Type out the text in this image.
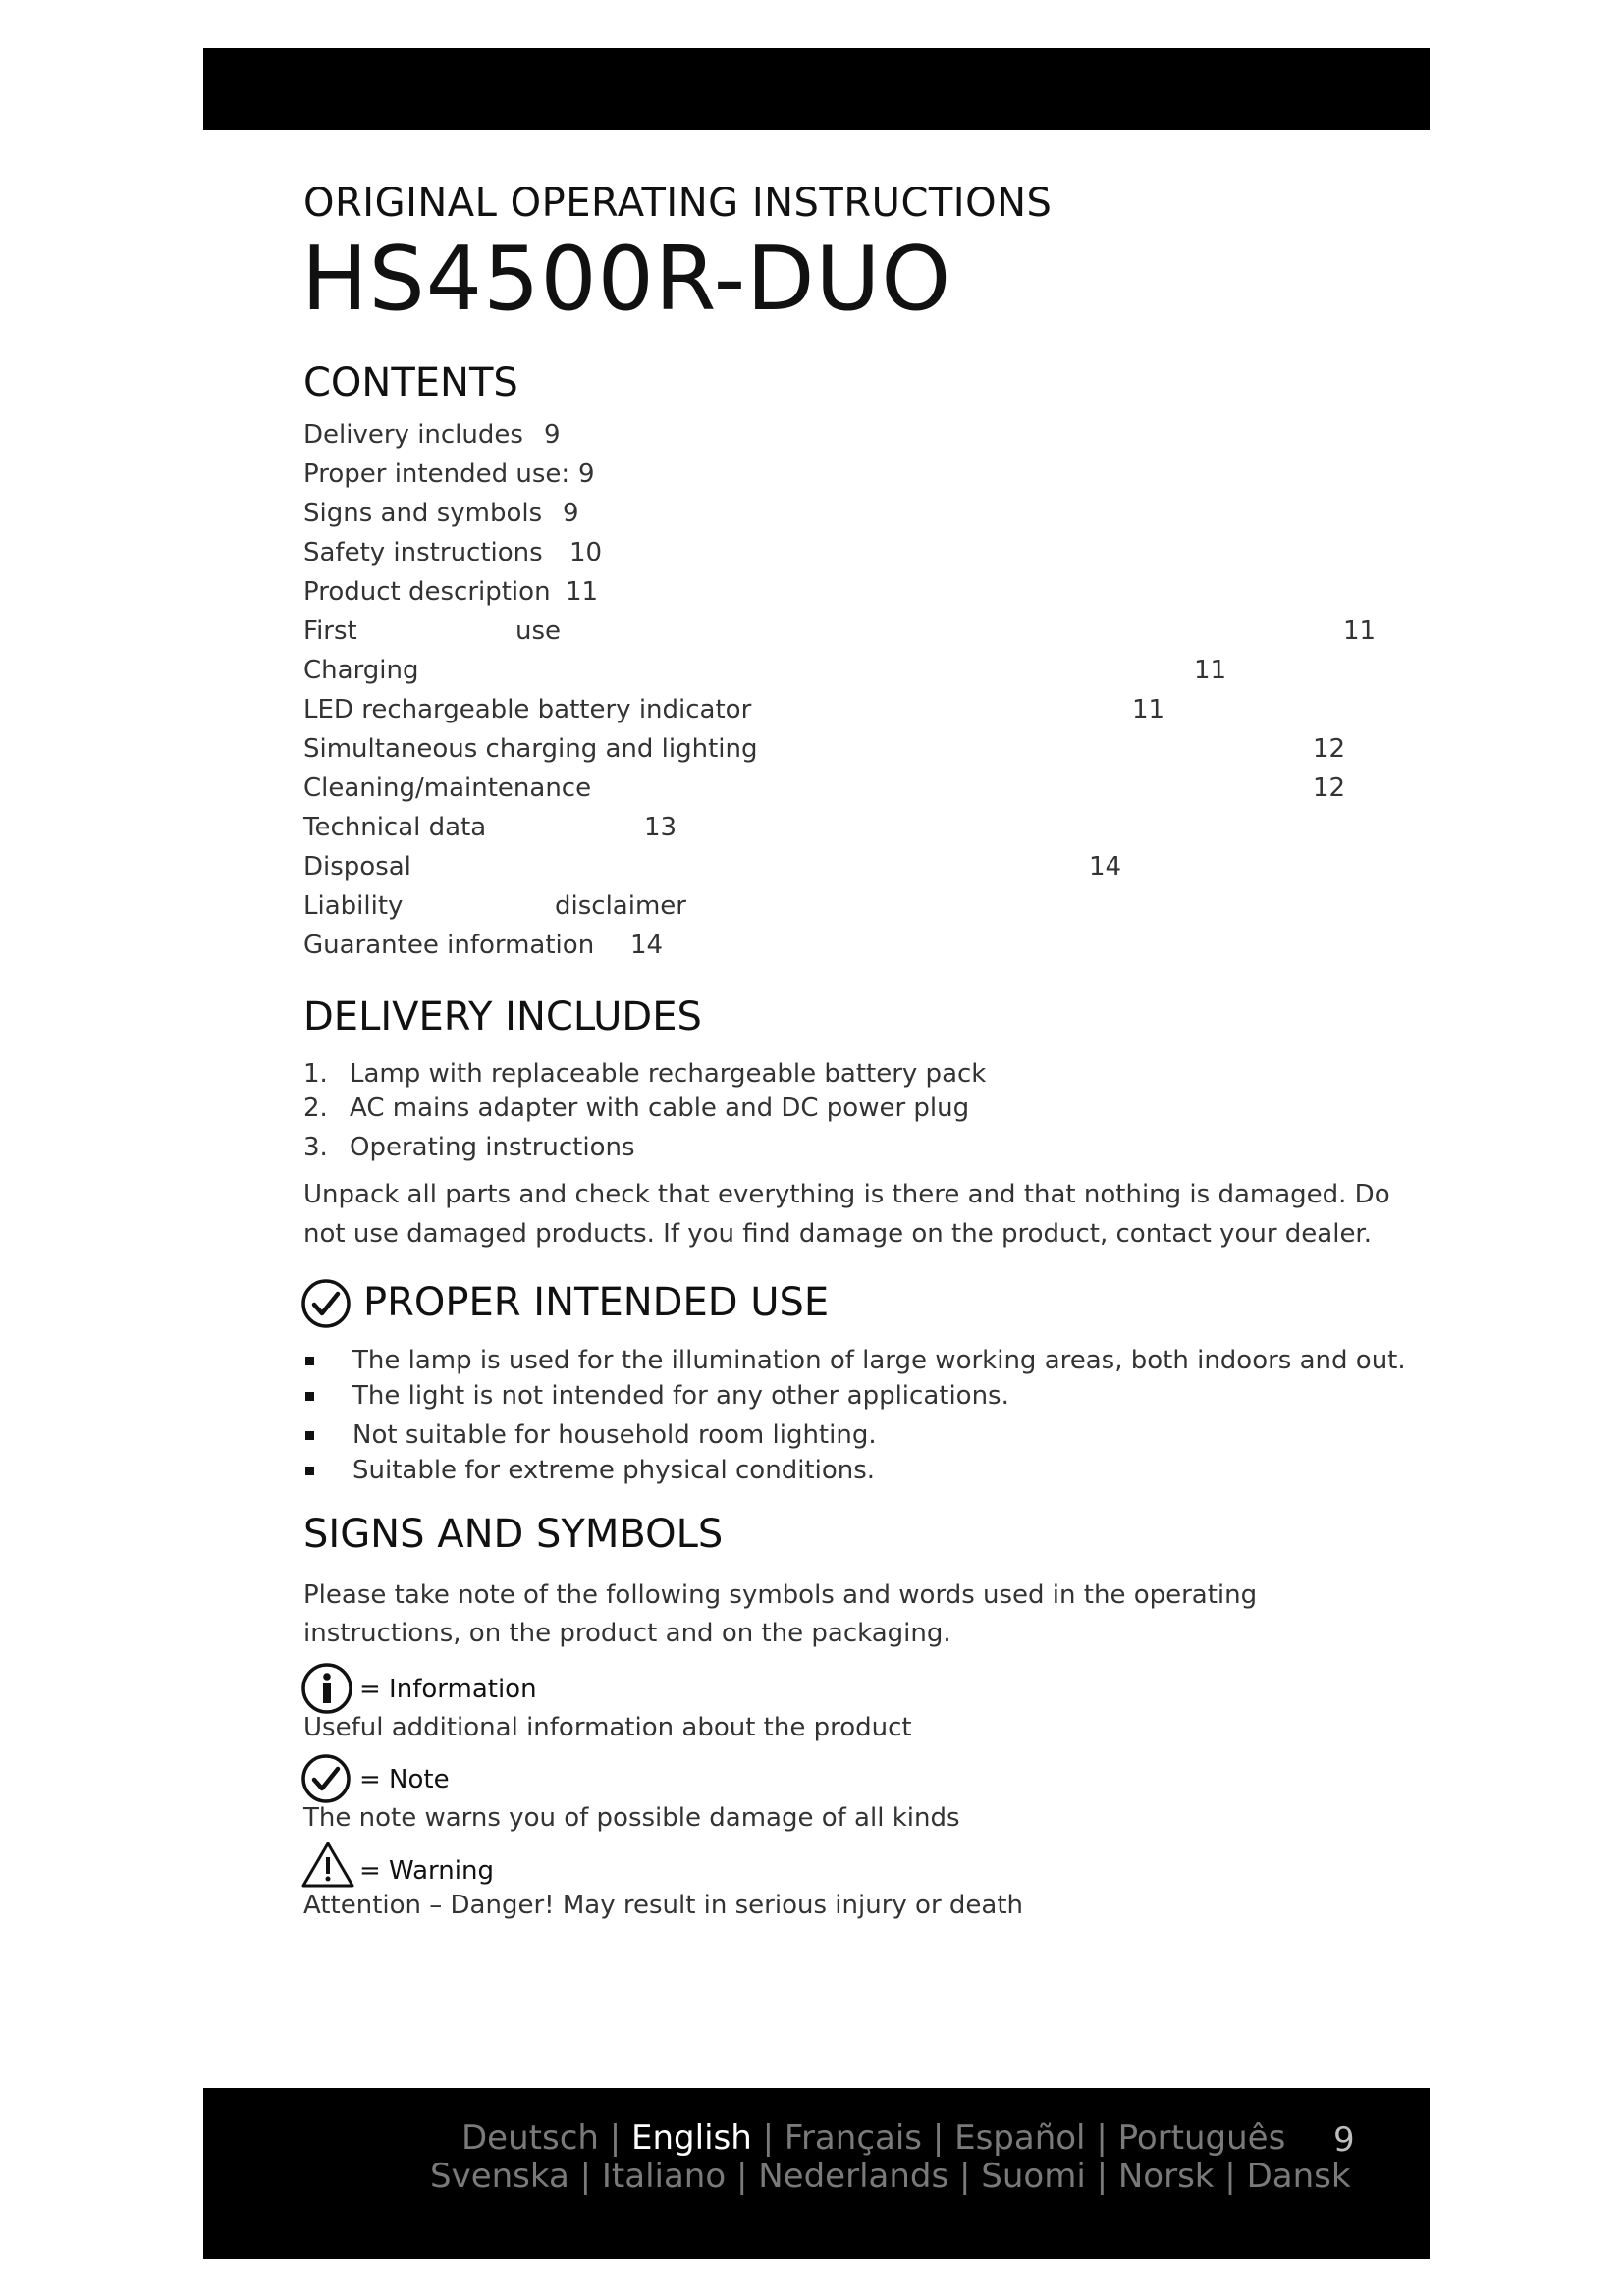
ORIGINAL OPERATING INSTRUCTIONS
HS4500R-DUO
CONTENTS
Delivery includes 9
Proper intended use: 9
Signs and symbols 9
Safety instructions 10
Product description 11
First	use	11
Charging	11
LED rechargeable battery indicator	11
Simultaneous charging and lighting	12
Cleaning/maintenance	12
Technical data	13
Disposal	14
Liability	disclaimer
Guarantee information 14
DELIVERY INCLUDES
1. Lamp with replaceable rechargeable battery pack
2. AC mains adapter with cable and DC power plug
3. Operating instructions
Unpack all parts and check that everything is there and that nothing is damaged. Do
not use damaged products. If you find damage on the product, contact your dealer.
PROPER INTENDED USE
The lamp is used for the illumination of large working areas, both indoors and out.
The light is not intended for any other applications.
Not suitable for household room lighting.
Suitable for extreme physical conditions.
SIGNS AND SYMBOLS
Please take note of the following symbols and words used in the operating
instructions, on the product and on the packaging.
= Information
Useful additional information about the product
= Note
The note warns you of possible damage of all kinds
= Warning
Attention – Danger! May result in serious injury or death
Deutsch | English | Français | Español | Português
Svenska | Italiano | Nederlands | Suomi | Norsk | Dansk
9
